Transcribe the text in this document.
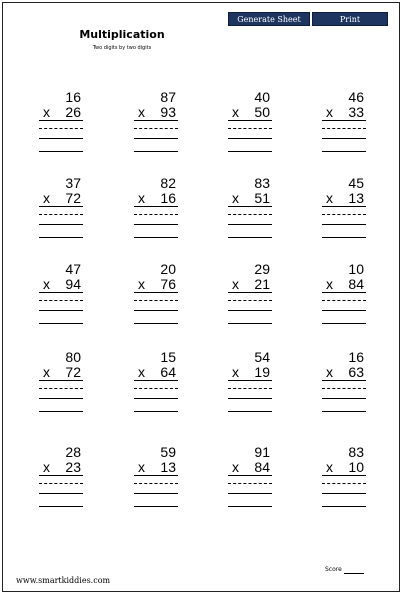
Generate Sheet	Print
Multiplication
Two digits by two digits
16
x 26
87
x 93
40
x 50
46
x 33
37
x 72
82
x 16
83
x 51
45
x 13
47
x 94
20
x 76
29
x 21
10
x 84
80
x 72
15
x 64
54
x 19
16
x 63
28
x 23
59
x 13
91
x 84
83
x 10
www.smartkiddies.com
Score
